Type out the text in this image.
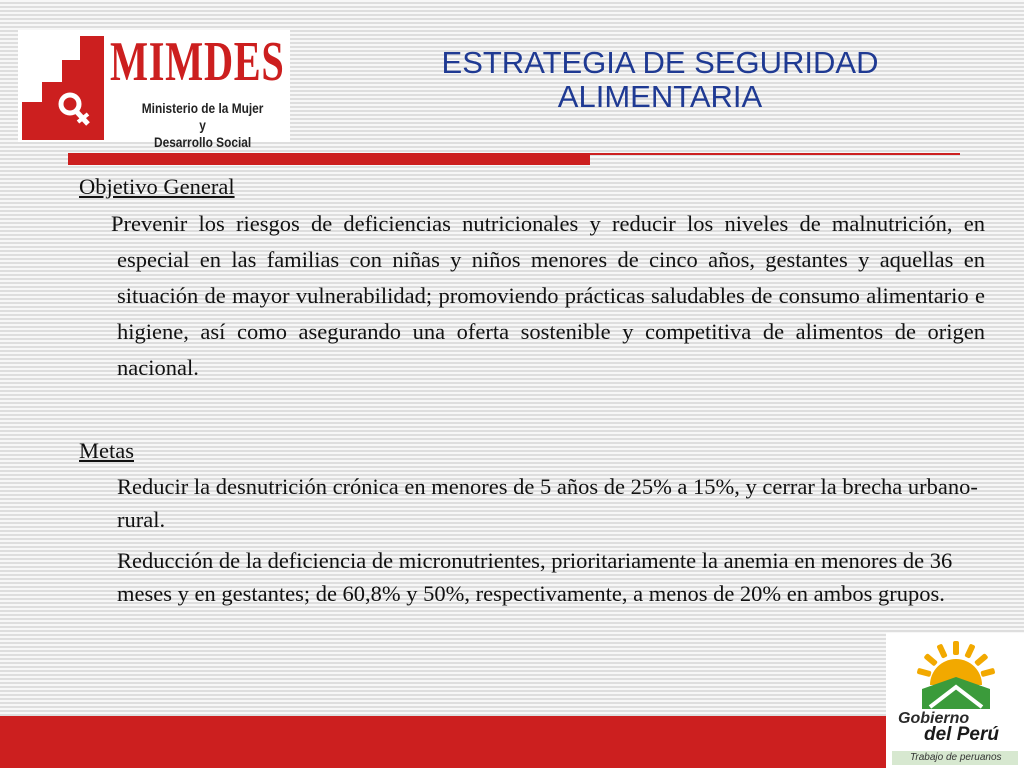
MIMDES
Ministerio de la Mujer y
Desarrollo Social
ESTRATEGIA DE SEGURIDAD
ALIMENTARIA
Objetivo General

Prevenir los riesgos de deficiencias nutricionales y reducir los niveles de malnutrición, en especial en las familias con niñas y niños menores de cinco años, gestantes y aquellas en situación de mayor vulnerabilidad; promoviendo prácticas saludables de consumo alimentario e higiene, así como asegurando una oferta sostenible y competitiva de alimentos de origen nacional.

Metas

Reducir la desnutrición crónica en menores de 5 años de 25% a 15%, y cerrar la brecha urbano-rural.

Reducción de la deficiencia de micronutrientes, prioritariamente la anemia en menores de 36 meses y en gestantes; de 60,8% y 50%, respectivamente, a menos de 20% en ambos grupos.

Gobierno
del Perú
Trabajo de peruanos
